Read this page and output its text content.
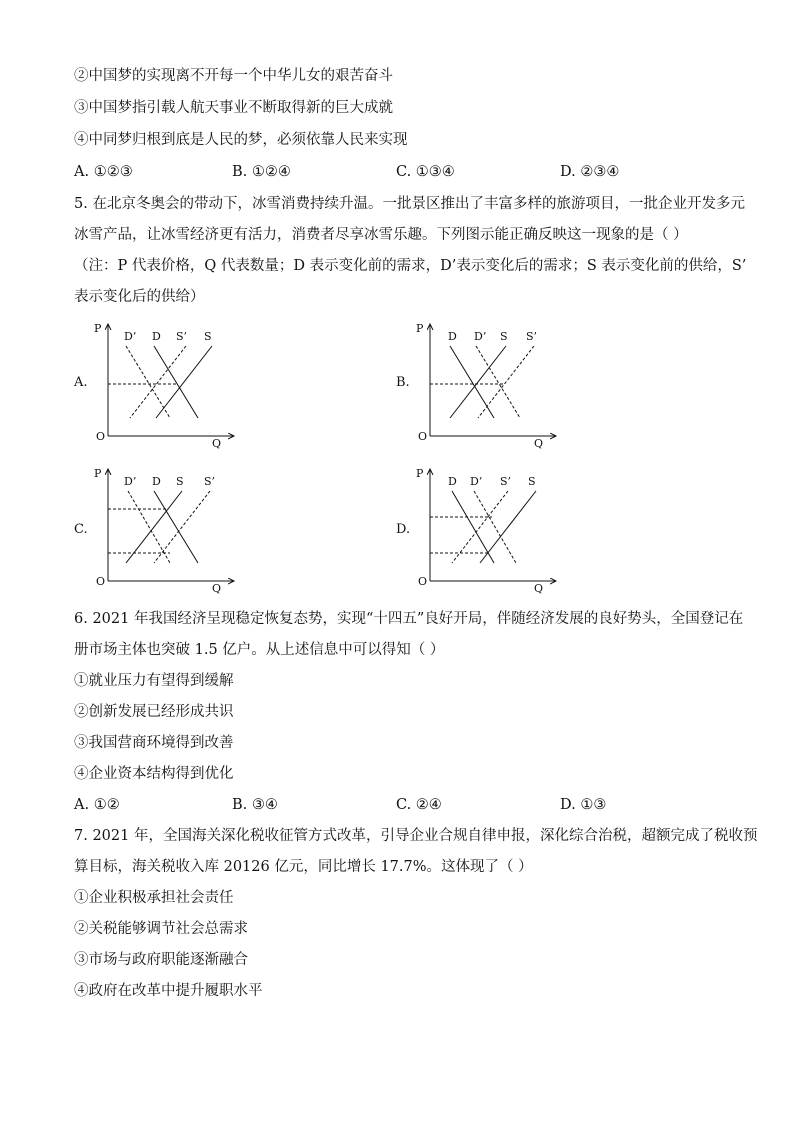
②中国梦的实现离不开每一个中华儿女的艰苦奋斗
③中国梦指引载人航天事业不断取得新的巨大成就
④中同梦归根到底是人民的梦，必须依靠人民来实现
A. ①②③	B. ①②④	C. ①③④	D. ②③④
5. 在北京冬奥会的带动下，冰雪消费持续升温。一批景区推出了丰富多样的旅游项目，一批企业开发多元
冰雪产品，让冰雪经济更有活力，消费者尽享冰雪乐趣。下列图示能正确反映这一现象的是（ ）
（注：P 代表价格，Q 代表数量；D 表示变化前的需求，D’表示变化后的需求；S 表示变化前的供给，S’
表示变化后的供给）
A.
P
Q
O
D’ D S’ S
B.
P
Q
O
D D’ S S’
C.
P
Q
O
D’ D S S’
D.
P
Q
O
D D’ S’ S
6. 2021 年我国经济呈现稳定恢复态势，实现“十四五”良好开局，伴随经济发展的良好势头，全国登记在
册市场主体也突破 1.5 亿户。从上述信息中可以得知（ ）
①就业压力有望得到缓解
②创新发展已经形成共识
③我国营商环境得到改善
④企业资本结构得到优化
A. ①②	B. ③④	C. ②④	D. ①③
7. 2021 年，全国海关深化税收征管方式改革，引导企业合规自律申报，深化综合治税，超额完成了税收预
算目标，海关税收入库 20126 亿元，同比增长 17.7%。这体现了（ ）
①企业积极承担社会责任
②关税能够调节社会总需求
③市场与政府职能逐渐融合
④政府在改革中提升履职水平
